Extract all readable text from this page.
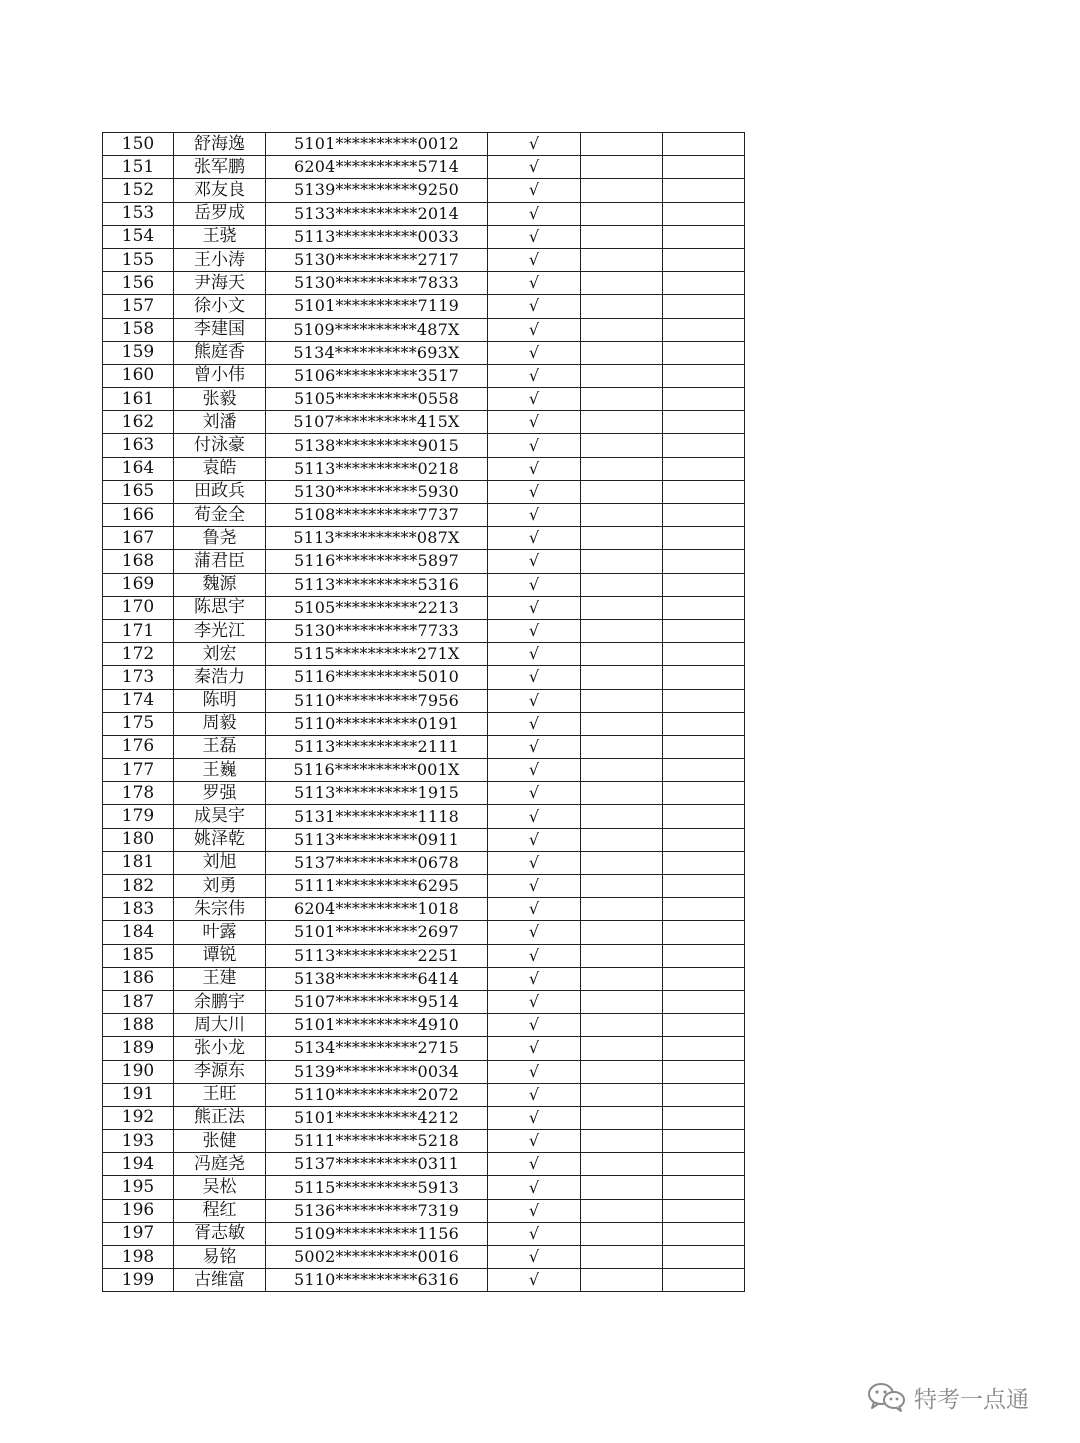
150	舒海逸	5101**********0012	√		
151	张军鹏	6204**********5714	√		
152	邓友良	5139**********9250	√		
153	岳罗成	5133**********2014	√		
154	王骁	5113**********0033	√		
155	王小涛	5130**********2717	√		
156	尹海天	5130**********7833	√		
157	徐小文	5101**********7119	√		
158	李建国	5109**********487X	√		
159	熊庭香	5134**********693X	√		
160	曾小伟	5106**********3517	√		
161	张毅	5105**********0558	√		
162	刘潘	5107**********415X	√		
163	付泳豪	5138**********9015	√		
164	袁皓	5113**********0218	√		
165	田政兵	5130**********5930	√		
166	荀金全	5108**********7737	√		
167	鲁尧	5113**********087X	√		
168	蒲君臣	5116**********5897	√		
169	魏源	5113**********5316	√		
170	陈思宇	5105**********2213	√		
171	李光江	5130**********7733	√		
172	刘宏	5115**********271X	√		
173	秦浩力	5116**********5010	√		
174	陈明	5110**********7956	√		
175	周毅	5110**********0191	√		
176	王磊	5113**********2111	√		
177	王巍	5116**********001X	√		
178	罗强	5113**********1915	√		
179	成昊宇	5131**********1118	√		
180	姚泽乾	5113**********0911	√		
181	刘旭	5137**********0678	√		
182	刘勇	5111**********6295	√		
183	朱宗伟	6204**********1018	√		
184	叶露	5101**********2697	√		
185	谭锐	5113**********2251	√		
186	王建	5138**********6414	√		
187	余鹏宇	5107**********9514	√		
188	周大川	5101**********4910	√		
189	张小龙	5134**********2715	√		
190	李源东	5139**********0034	√		
191	王旺	5110**********2072	√		
192	熊正法	5101**********4212	√		
193	张健	5111**********5218	√		
194	冯庭尧	5137**********0311	√		
195	吴松	5115**********5913	√		
196	程红	5136**********7319	√		
197	胥志敏	5109**********1156	√		
198	易铭	5002**********0016	√		
199	古维富	5110**********6316	√		
特考一点通
